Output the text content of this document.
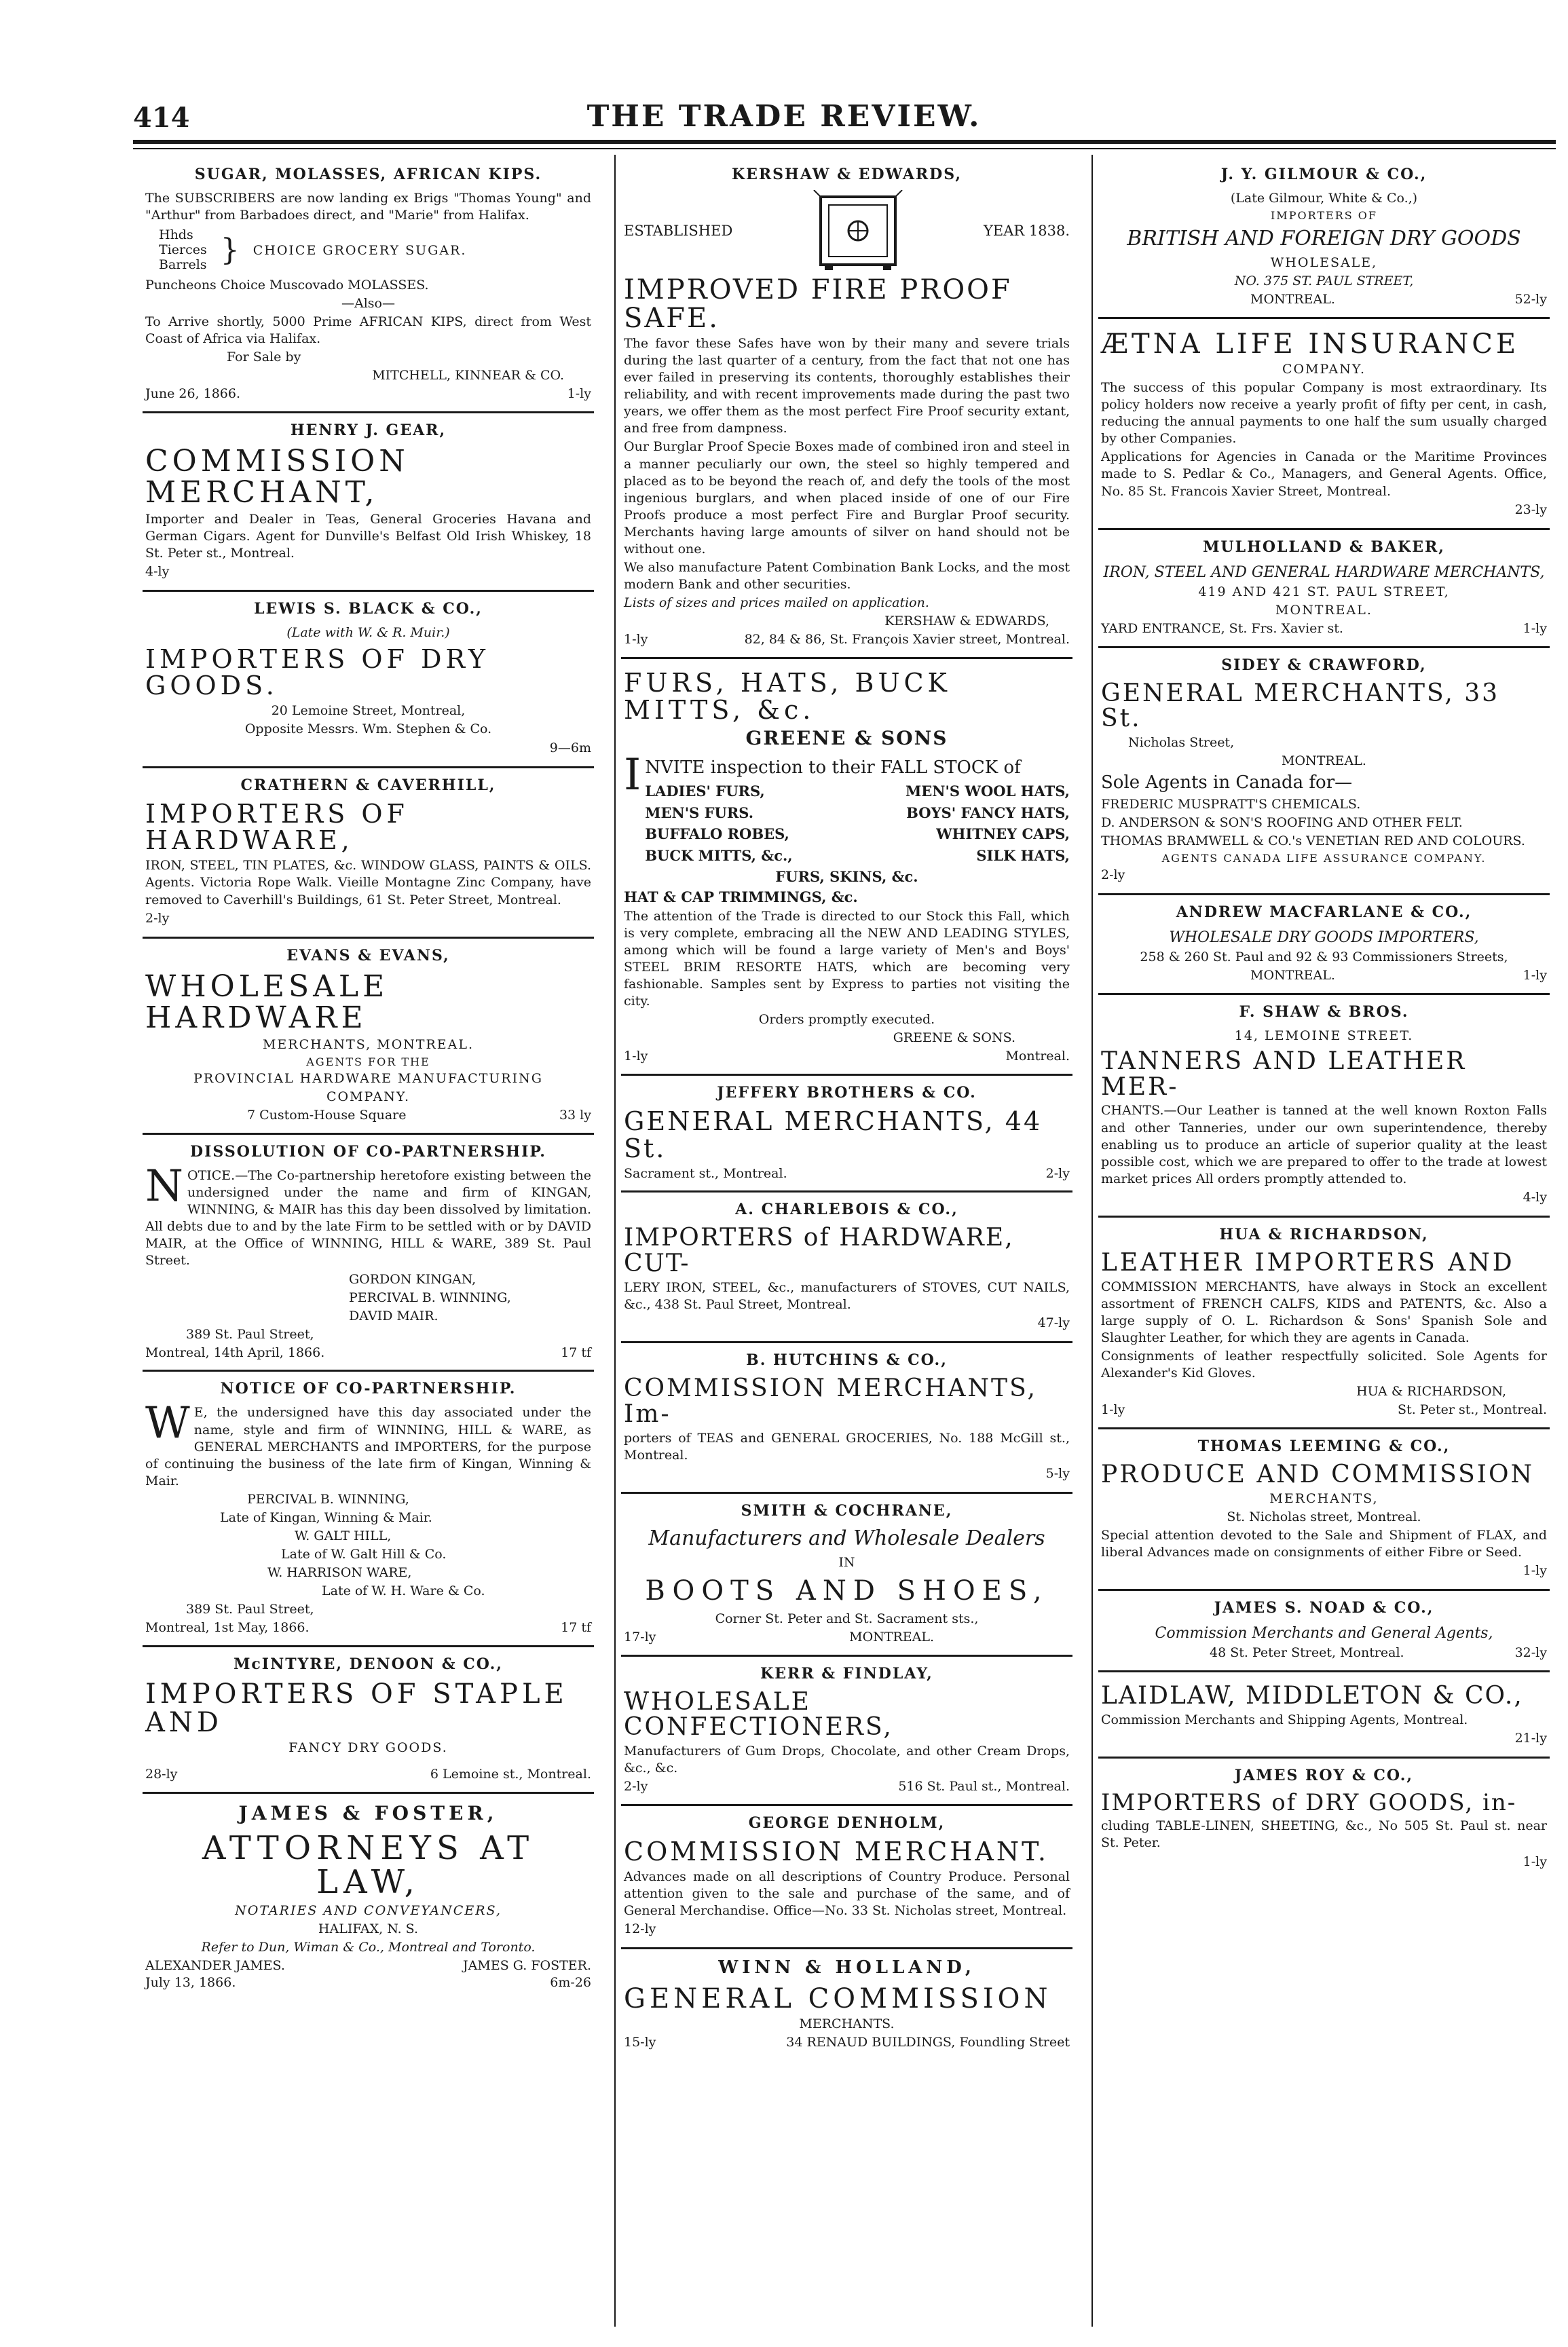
414	THE TRADE REVIEW.
SUGAR, MOLASSES, AFRICAN KIPS.
The SUBSCRIBERS are now landing ex Brigs "Thomas Young" and "Arthur" from Barbadoes direct, and "Marie" from Halifax.
Hhds
Tierces
Barrels } CHOICE GROCERY SUGAR.
Puncheons Choice Muscovado MOLASSES.
—Also—
To Arrive shortly, 5000 Prime AFRICAN KIPS, direct from West Coast of Africa via Halifax.
For Sale by
MITCHELL, KINNEAR & CO.
June 26, 1866.	1-ly
HENRY J. GEAR,
COMMISSION MERCHANT,
Importer and Dealer in Teas, General Groceries Havana and German Cigars. Agent for Dunville's Belfast Old Irish Whiskey, 18 St. Peter st., Montreal.
4-ly
LEWIS S. BLACK & CO.,
(Late with W. & R. Muir.)
IMPORTERS OF DRY GOODS.
20 Lemoine Street, Montreal,
Opposite Messrs. Wm. Stephen & Co.
9—6m
CRATHERN & CAVERHILL,
IMPORTERS OF HARDWARE,
IRON, STEEL, TIN PLATES, &c. WINDOW GLASS, PAINTS & OILS. Agents. Victoria Rope Walk. Vieille Montagne Zinc Company, have removed to Caverhill's Buildings, 61 St. Peter Street, Montreal.
2-ly
EVANS & EVANS,
WHOLESALE HARDWARE
MERCHANTS, MONTREAL.
AGENTS FOR THE
PROVINCIAL HARDWARE MANUFACTURING
COMPANY.
7 Custom-House Square	33 ly
DISSOLUTION OF CO-PARTNERSHIP.
NOTICE.—The Co-partnership heretofore existing between the undersigned under the name and firm of KINGAN, WINNING, & MAIR has this day been dissolved by limitation. All debts due to and by the late Firm to be settled with or by DAVID MAIR, at the Office of WINNING, HILL & WARE, 389 St. Paul Street.
GORDON KINGAN,
PERCIVAL B. WINNING,
DAVID MAIR.
389 St. Paul Street,
Montreal, 14th April, 1866.	17 tf
NOTICE OF CO-PARTNERSHIP.
WE, the undersigned have this day associated under the name, style and firm of WINNING, HILL & WARE, as GENERAL MERCHANTS and IMPORTERS, for the purpose of continuing the business of the late firm of Kingan, Winning & Mair.
PERCIVAL B. WINNING,
Late of Kingan, Winning & Mair.
W. GALT HILL,
Late of W. Galt Hill & Co.
W. HARRISON WARE,
Late of W. H. Ware & Co.
389 St. Paul Street,
Montreal, 1st May, 1866.	17 tf
McINTYRE, DENOON & CO.,
IMPORTERS OF STAPLE AND
FANCY DRY GOODS.
28-ly	6 Lemoine st., Montreal.
JAMES & FOSTER,
ATTORNEYS AT LAW,
NOTARIES AND CONVEYANCERS,
HALIFAX, N. S.
Refer to Dun, Wiman & Co., Montreal and Toronto.
ALEXANDER JAMES.	JAMES G. FOSTER.
July 13, 1866.	6m-26
KERSHAW & EDWARDS,
ESTABLISHED	YEAR 1838.
IMPROVED FIRE PROOF SAFE.
The favor these Safes have won by their many and severe trials during the last quarter of a century, from the fact that not one has ever failed in preserving its contents, thoroughly establishes their reliability, and with recent improvements made during the past two years, we offer them as the most perfect Fire Proof security extant, and free from dampness.
Our Burglar Proof Specie Boxes made of combined iron and steel in a manner peculiarly our own, the steel so highly tempered and placed as to be beyond the reach of, and defy the tools of the most ingenious burglars, and when placed inside of one of our Fire Proofs produce a most perfect Fire and Burglar Proof security. Merchants having large amounts of silver on hand should not be without one.
We also manufacture Patent Combination Bank Locks, and the most modern Bank and other securities.
Lists of sizes and prices mailed on application.
KERSHAW & EDWARDS,
1-ly	82, 84 & 86, St. François Xavier street, Montreal.
FURS, HATS, BUCK MITTS, &c.
GREENE & SONS
INVITE inspection to their FALL STOCK of
LADIES' FURS,	MEN'S WOOL HATS,
MEN'S FURS.	BOYS' FANCY HATS,
BUFFALO ROBES,	WHITNEY CAPS,
BUCK MITTS, &c.,	SILK HATS,
FURS, SKINS, &c.
HAT & CAP TRIMMINGS, &c.
The attention of the Trade is directed to our Stock this Fall, which is very complete, embracing all the NEW AND LEADING STYLES, among which will be found a large variety of Men's and Boys' STEEL BRIM RESORTE HATS, which are becoming very fashionable. Samples sent by Express to parties not visiting the city.
Orders promptly executed.
GREENE & SONS.
1-ly	Montreal.
JEFFERY BROTHERS & CO.
GENERAL MERCHANTS, 44 St.
Sacrament st., Montreal.	2-ly
A. CHARLEBOIS & CO.,
IMPORTERS of HARDWARE, CUT-
LERY IRON, STEEL, &c., manufacturers of STOVES, CUT NAILS, &c., 438 St. Paul Street, Montreal.
47-ly
B. HUTCHINS & CO.,
COMMISSION MERCHANTS, Im-
porters of TEAS and GENERAL GROCERIES, No. 188 McGill st., Montreal.
5-ly
SMITH & COCHRANE,
Manufacturers and Wholesale Dealers
IN
BOOTS AND SHOES,
Corner St. Peter and St. Sacrament sts.,
17-ly	MONTREAL.
KERR & FINDLAY,
WHOLESALE CONFECTIONERS,
Manufacturers of Gum Drops, Chocolate, and other Cream Drops, &c., &c.
2-ly	516 St. Paul st., Montreal.
GEORGE DENHOLM,
COMMISSION MERCHANT.
Advances made on all descriptions of Country Produce. Personal attention given to the sale and purchase of the same, and of General Merchandise. Office—No. 33 St. Nicholas street, Montreal.
12-ly
WINN & HOLLAND,
GENERAL COMMISSION
MERCHANTS.
15-ly	34 RENAUD BUILDINGS, Foundling Street
J. Y. GILMOUR & CO.,
(Late Gilmour, White & Co.,)
IMPORTERS OF
BRITISH AND FOREIGN DRY GOODS
WHOLESALE,
NO. 375 ST. PAUL STREET,
MONTREAL.	52-ly
ÆTNA LIFE INSURANCE
COMPANY.
The success of this popular Company is most extraordinary. Its policy holders now receive a yearly profit of fifty per cent, in cash, reducing the annual payments to one half the sum usually charged by other Companies.
Applications for Agencies in Canada or the Maritime Provinces made to S. Pedlar & Co., Managers, and General Agents. Office, No. 85 St. Francois Xavier Street, Montreal.
23-ly
MULHOLLAND & BAKER,
IRON, STEEL AND GENERAL HARDWARE MERCHANTS,
419 AND 421 ST. PAUL STREET,
MONTREAL.
YARD ENTRANCE, St. Frs. Xavier st.	1-ly
SIDEY & CRAWFORD,
GENERAL MERCHANTS, 33 St.
Nicholas Street,
MONTREAL.
Sole Agents in Canada for—
FREDERIC MUSPRATT'S CHEMICALS.
D. ANDERSON & SON'S ROOFING AND OTHER FELT.
THOMAS BRAMWELL & CO.'s VENETIAN RED AND COLOURS.
AGENTS CANADA LIFE ASSURANCE COMPANY.
2-ly
ANDREW MACFARLANE & CO.,
WHOLESALE DRY GOODS IMPORTERS,
258 & 260 St. Paul and 92 & 93 Commissioners Streets,
MONTREAL.	1-ly
F. SHAW & BROS.
14, LEMOINE STREET.
TANNERS AND LEATHER MER-
CHANTS.—Our Leather is tanned at the well known Roxton Falls and other Tanneries, under our own superintendence, thereby enabling us to produce an article of superior quality at the least possible cost, which we are prepared to offer to the trade at lowest market prices All orders promptly attended to.
4-ly
HUA & RICHARDSON,
LEATHER IMPORTERS AND
COMMISSION MERCHANTS, have always in Stock an excellent assortment of FRENCH CALFS, KIDS and PATENTS, &c. Also a large supply of O. L. Richardson & Sons' Spanish Sole and Slaughter Leather, for which they are agents in Canada.
Consignments of leather respectfully solicited. Sole Agents for Alexander's Kid Gloves.
HUA & RICHARDSON,
1-ly	St. Peter st., Montreal.
THOMAS LEEMING & CO.,
PRODUCE AND COMMISSION
MERCHANTS,
St. Nicholas street, Montreal.
Special attention devoted to the Sale and Shipment of FLAX, and liberal Advances made on consignments of either Fibre or Seed.
1-ly
JAMES S. NOAD & CO.,
Commission Merchants and General Agents,
48 St. Peter Street, Montreal.	32-ly
LAIDLAW, MIDDLETON & CO.,
Commission Merchants and Shipping Agents, Montreal.
21-ly
JAMES ROY & CO.,
IMPORTERS of DRY GOODS, in-
cluding TABLE-LINEN, SHEETING, &c., No 505 St. Paul st. near St. Peter.
1-ly
